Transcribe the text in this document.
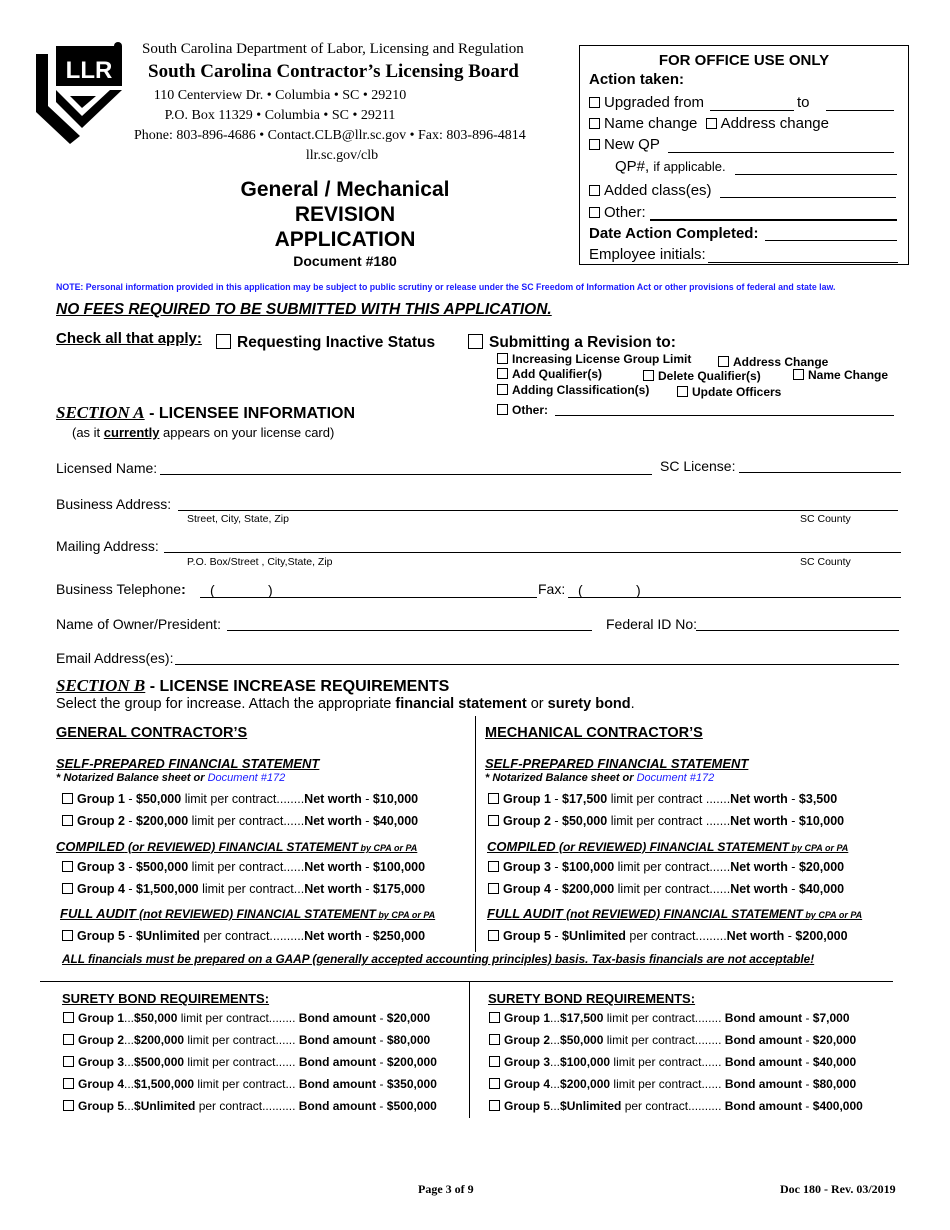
LLR
South Carolina Department of Labor, Licensing and Regulation
South Carolina Contractor’s Licensing Board
110 Centerview Dr. • Columbia • SC • 29210
P.O. Box 11329 • Columbia • SC • 29211
Phone: 803-896-4686 • Contact.CLB@llr.sc.gov • Fax: 803-896-4814
llr.sc.gov/clb
General / Mechanical
REVISION
APPLICATION
Document #180
FOR OFFICE USE ONLY
Action taken:
Upgraded from	to
Name change Address change
New QP
QP#, if applicable.
Added class(es)
Other:
Date Action Completed:
Employee initials:
NOTE: Personal information provided in this application may be subject to public scrutiny or release under the SC Freedom of Information Act or other provisions of federal and state law.
NO FEES REQUIRED TO BE SUBMITTED WITH THIS APPLICATION.
Check all that apply:	Requesting Inactive Status	Submitting a Revision to:
Increasing License Group Limit	Address Change
Add Qualifier(s)	Delete Qualifier(s)	Name Change
Adding Classification(s)	Update Officers
Other:
SECTION A - LICENSEE INFORMATION
(as it currently appears on your license card)
Licensed Name:	SC License:
Business Address:
Street, City, State, Zip	SC County
Mailing Address:
P.O. Box/Street , City,State, Zip	SC County
Business Telephone: (	)	Fax: (	)
Name of Owner/President:	Federal ID No:
Email Address(es):
SECTION B - LICENSE INCREASE REQUIREMENTS
Select the group for increase. Attach the appropriate financial statement or surety bond.
GENERAL CONTRACTOR’S
SELF-PREPARED FINANCIAL STATEMENT
* Notarized Balance sheet or Document #172
Group 1 - $50,000 limit per contract........Net worth - $10,000
Group 2 - $200,000 limit per contract......Net worth - $40,000
COMPILED (or REVIEWED) FINANCIAL STATEMENT by CPA or PA
Group 3 - $500,000 limit per contract......Net worth - $100,000
Group 4 - $1,500,000 limit per contract...Net worth - $175,000
FULL AUDIT (not REVIEWED) FINANCIAL STATEMENT by CPA or PA
Group 5 - $Unlimited per contract..........Net worth - $250,000
MECHANICAL CONTRACTOR’S
SELF-PREPARED FINANCIAL STATEMENT
* Notarized Balance sheet or Document #172
Group 1 - $17,500 limit per contract .......Net worth - $3,500
Group 2 - $50,000 limit per contract .......Net worth - $10,000
COMPILED (or REVIEWED) FINANCIAL STATEMENT by CPA or PA
Group 3 - $100,000 limit per contract......Net worth - $20,000
Group 4 - $200,000 limit per contract......Net worth - $40,000
FULL AUDIT (not REVIEWED) FINANCIAL STATEMENT by CPA or PA
Group 5 - $Unlimited per contract.........Net worth - $200,000
ALL financials must be prepared on a GAAP (generally accepted accounting principles) basis. Tax-basis financials are not acceptable!
SURETY BOND REQUIREMENTS:
Group 1...$50,000 limit per contract........ Bond amount - $20,000
Group 2...$200,000 limit per contract...... Bond amount - $80,000
Group 3...$500,000 limit per contract...... Bond amount - $200,000
Group 4...$1,500,000 limit per contract... Bond amount - $350,000
Group 5...$Unlimited per contract.......... Bond amount - $500,000
SURETY BOND REQUIREMENTS:
Group 1...$17,500 limit per contract........ Bond amount - $7,000
Group 2...$50,000 limit per contract........ Bond amount - $20,000
Group 3...$100,000 limit per contract...... Bond amount - $40,000
Group 4...$200,000 limit per contract...... Bond amount - $80,000
Group 5...$Unlimited per contract.......... Bond amount - $400,000
Page 3 of 9	Doc 180 - Rev. 03/2019
